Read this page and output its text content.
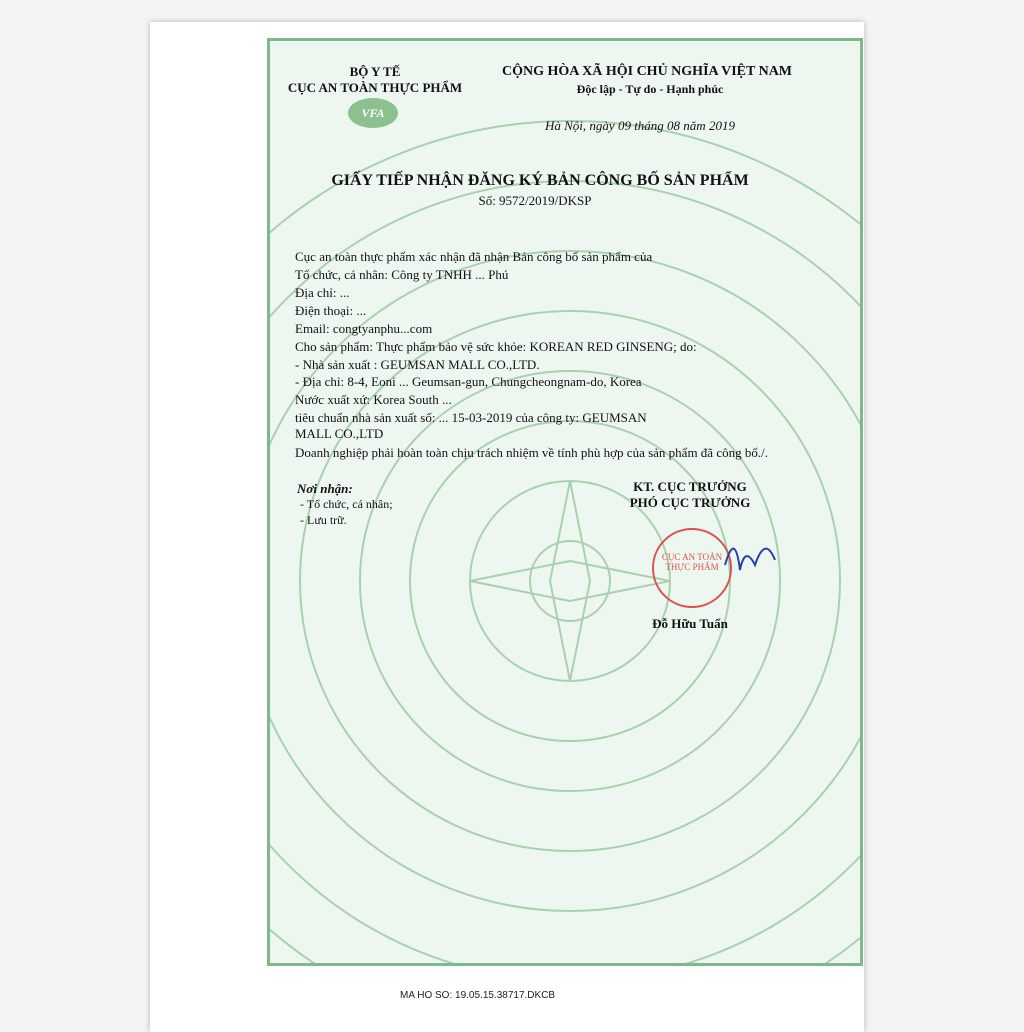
BỘ Y TẾ
CỤC AN TOÀN THỰC PHẨM
VFA
CỘNG HÒA XÃ HỘI CHỦ NGHĨA VIỆT NAM
Độc lập - Tự do - Hạnh phúc
Hà Nội, ngày 09 tháng 08 năm 2019
GIẤY TIẾP NHẬN ĐĂNG KÝ BẢN CÔNG BỐ SẢN PHẨM
Số: 9572/2019/DKSP
Cục an toàn thực phẩm xác nhận đã nhận Bản công bố sản phẩm của
Tổ chức, cá nhân: Công ty TNHH ... Phú
Địa chỉ: ...
Điện thoại: ...
Email: congtyanphu...com
Cho sản phẩm: Thực phẩm bảo vệ sức khỏe: KOREAN RED GINSENG; do:
- Nhà sản xuất : GEUMSAN MALL CO.,LTD.
- Địa chỉ: 8-4, Eoni ... Geumsan-gun, Chungcheongnam-do, Korea
Nước xuất xứ: Korea South ...
tiêu chuẩn nhà sản xuất số: ... 15-03-2019 của công ty: GEUMSAN
MALL CO.,LTD
Doanh nghiệp phải hoàn toàn chịu trách nhiệm về tính phù hợp của sản phẩm đã công bố./.
Nơi nhận:
- Tổ chức, cá nhân;
- Lưu trữ.
KT. CỤC TRƯỞNG
PHÓ CỤC TRƯỞNG
CỤC AN TOÀN THỰC PHẨM
Đỗ Hữu Tuấn
MA HO SO: 19.05.15.38717.DKCB
